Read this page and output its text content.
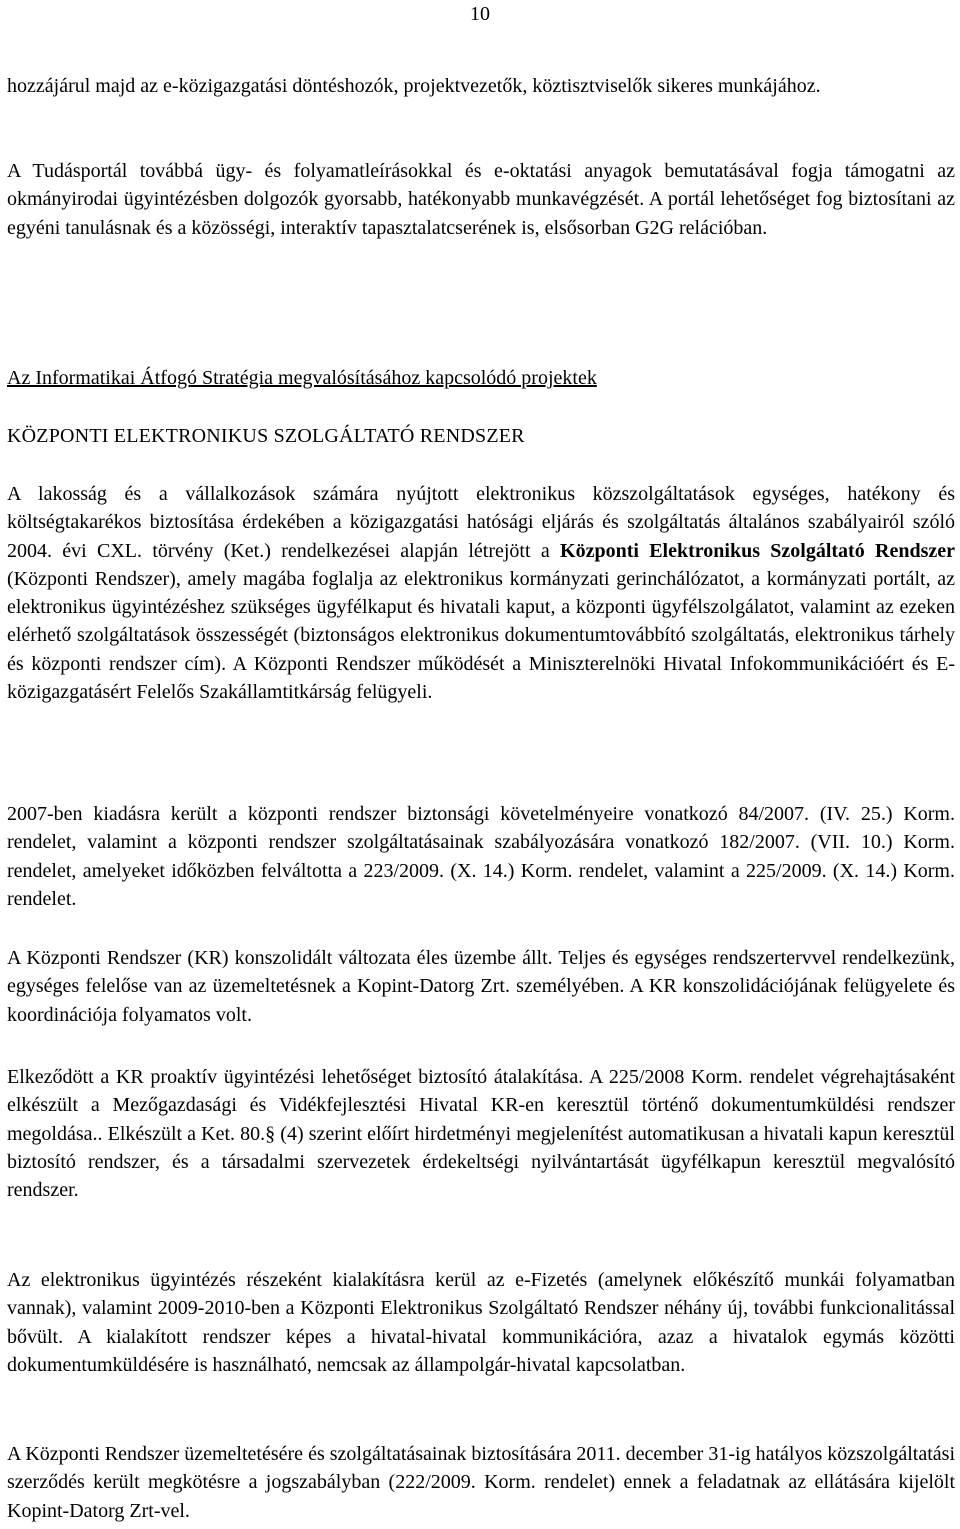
10

hozzájárul majd az e-közigazgatási döntéshozók, projektvezetők, köztisztviselők sikeres munkájához.

A Tudásportál továbbá ügy- és folyamatleírásokkal és e-oktatási anyagok bemutatásával fogja támogatni az okmányirodai ügyintézésben dolgozók gyorsabb, hatékonyabb munkavégzését. A portál lehetőséget fog biztosítani az egyéni tanulásnak és a közösségi, interaktív tapasztalatcserének is, elsősorban G2G relációban.

Az Informatikai Átfogó Stratégia megvalósításához kapcsolódó projektek

KÖZPONTI ELEKTRONIKUS SZOLGÁLTATÓ RENDSZER

A lakosság és a vállalkozások számára nyújtott elektronikus közszolgáltatások egységes, hatékony és költségtakarékos biztosítása érdekében a közigazgatási hatósági eljárás és szolgáltatás általános szabályairól szóló 2004. évi CXL. törvény (Ket.) rendelkezései alapján létrejött a Központi Elektronikus Szolgáltató Rendszer (Központi Rendszer), amely magába foglalja az elektronikus kormányzati gerinchálózatot, a kormányzati portált, az elektronikus ügyintézéshez szükséges ügyfélkaput és hivatali kaput, a központi ügyfélszolgálatot, valamint az ezeken elérhető szolgáltatások összességét (biztonságos elektronikus dokumentumtovábbító szolgáltatás, elektronikus tárhely és központi rendszer cím). A Központi Rendszer működését a Miniszterelnöki Hivatal Infokommunikációért és E-közigazgatásért Felelős Szakállamtitkárság felügyeli.

2007-ben kiadásra került a központi rendszer biztonsági követelményeire vonatkozó 84/2007. (IV. 25.) Korm. rendelet, valamint a központi rendszer szolgáltatásainak szabályozására vonatkozó 182/2007. (VII. 10.) Korm. rendelet, amelyeket időközben felváltotta a 223/2009. (X. 14.) Korm. rendelet, valamint a 225/2009. (X. 14.) Korm. rendelet.

A Központi Rendszer (KR) konszolidált változata éles üzembe állt. Teljes és egységes rendszertervvel rendelkezünk, egységes felelőse van az üzemeltetésnek a Kopint-Datorg Zrt. személyében. A KR konszolidációjának felügyelete és koordinációja folyamatos volt.

Elkeződött a KR proaktív ügyintézési lehetőséget biztosító átalakítása. A 225/2008 Korm. rendelet végrehajtásaként elkészült a Mezőgazdasági és Vidékfejlesztési Hivatal KR-en keresztül történő dokumentumküldési rendszer megoldása.. Elkészült a Ket. 80.§ (4) szerint előírt hirdetményi megjelenítést automatikusan a hivatali kapun keresztül biztosító rendszer, és a társadalmi szervezetek érdekeltségi nyilvántartását ügyfélkapun keresztül megvalósító rendszer.

Az elektronikus ügyintézés részeként kialakításra kerül az e-Fizetés (amelynek előkészítő munkái folyamatban vannak), valamint 2009-2010-ben a Központi Elektronikus Szolgáltató Rendszer néhány új, további funkcionalitással bővült. A kialakított rendszer képes a hivatal-hivatal kommunikációra, azaz a hivatalok egymás közötti dokumentumküldésére is használható, nemcsak az állampolgár-hivatal kapcsolatban.

A Központi Rendszer üzemeltetésére és szolgáltatásainak biztosítására 2011. december 31-ig hatályos közszolgáltatási szerződés került megkötésre a jogszabályban (222/2009. Korm. rendelet) ennek a feladatnak az ellátására kijelölt Kopint-Datorg Zrt-vel.
